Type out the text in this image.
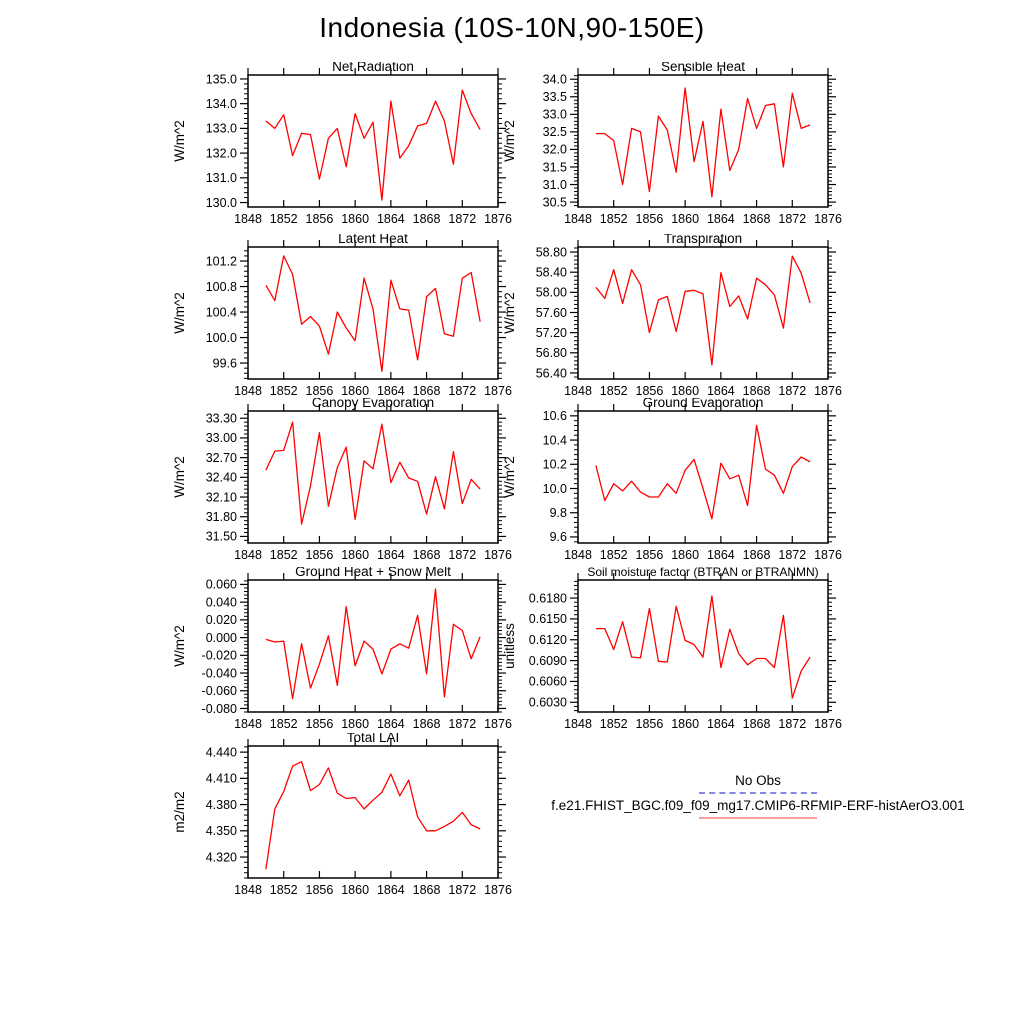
Indonesia (10S-10N,90-150E)
130.0
131.0
132.0
133.0
134.0
135.0
1848 1852 1856 1860 1864 1868 1872 1876
Net Radiation
W/m^2
30.5
31.0
31.5
32.0
32.5
33.0
33.5
34.0
1848 1852 1856 1860 1864 1868 1872 1876
Sensible Heat
W/m^2
99.6
100.0
100.4
100.8
101.2
1848 1852 1856 1860 1864 1868 1872 1876
Latent Heat
W/m^2
56.40
56.80
57.20
57.60
58.00
58.40
58.80
1848 1852 1856 1860 1864 1868 1872 1876
Transpiration
W/m^2
31.50
31.80
32.10
32.40
32.70
33.00
33.30
1848 1852 1856 1860 1864 1868 1872 1876
Canopy Evaporation
W/m^2
9.6
9.8
10.0
10.2
10.4
10.6
1848 1852 1856 1860 1864 1868 1872 1876
Ground Evaporation
W/m^2
-0.080
-0.060
-0.040
-0.020
0.000
0.020
0.040
0.060
1848 1852 1856 1860 1864 1868 1872 1876
Ground Heat + Snow Melt
W/m^2
0.6030
0.6060
0.6090
0.6120
0.6150
0.6180
1848 1852 1856 1860 1864 1868 1872 1876
Soil moisture factor (BTRAN or BTRANMN)
unitless
4.320
4.350
4.380
4.410
4.440
1848 1852 1856 1860 1864 1868 1872 1876
Total LAI
m2/m2
No Obs
f.e21.FHIST_BGC.f09_f09_mg17.CMIP6-RFMIP-ERF-histAerO3.001
